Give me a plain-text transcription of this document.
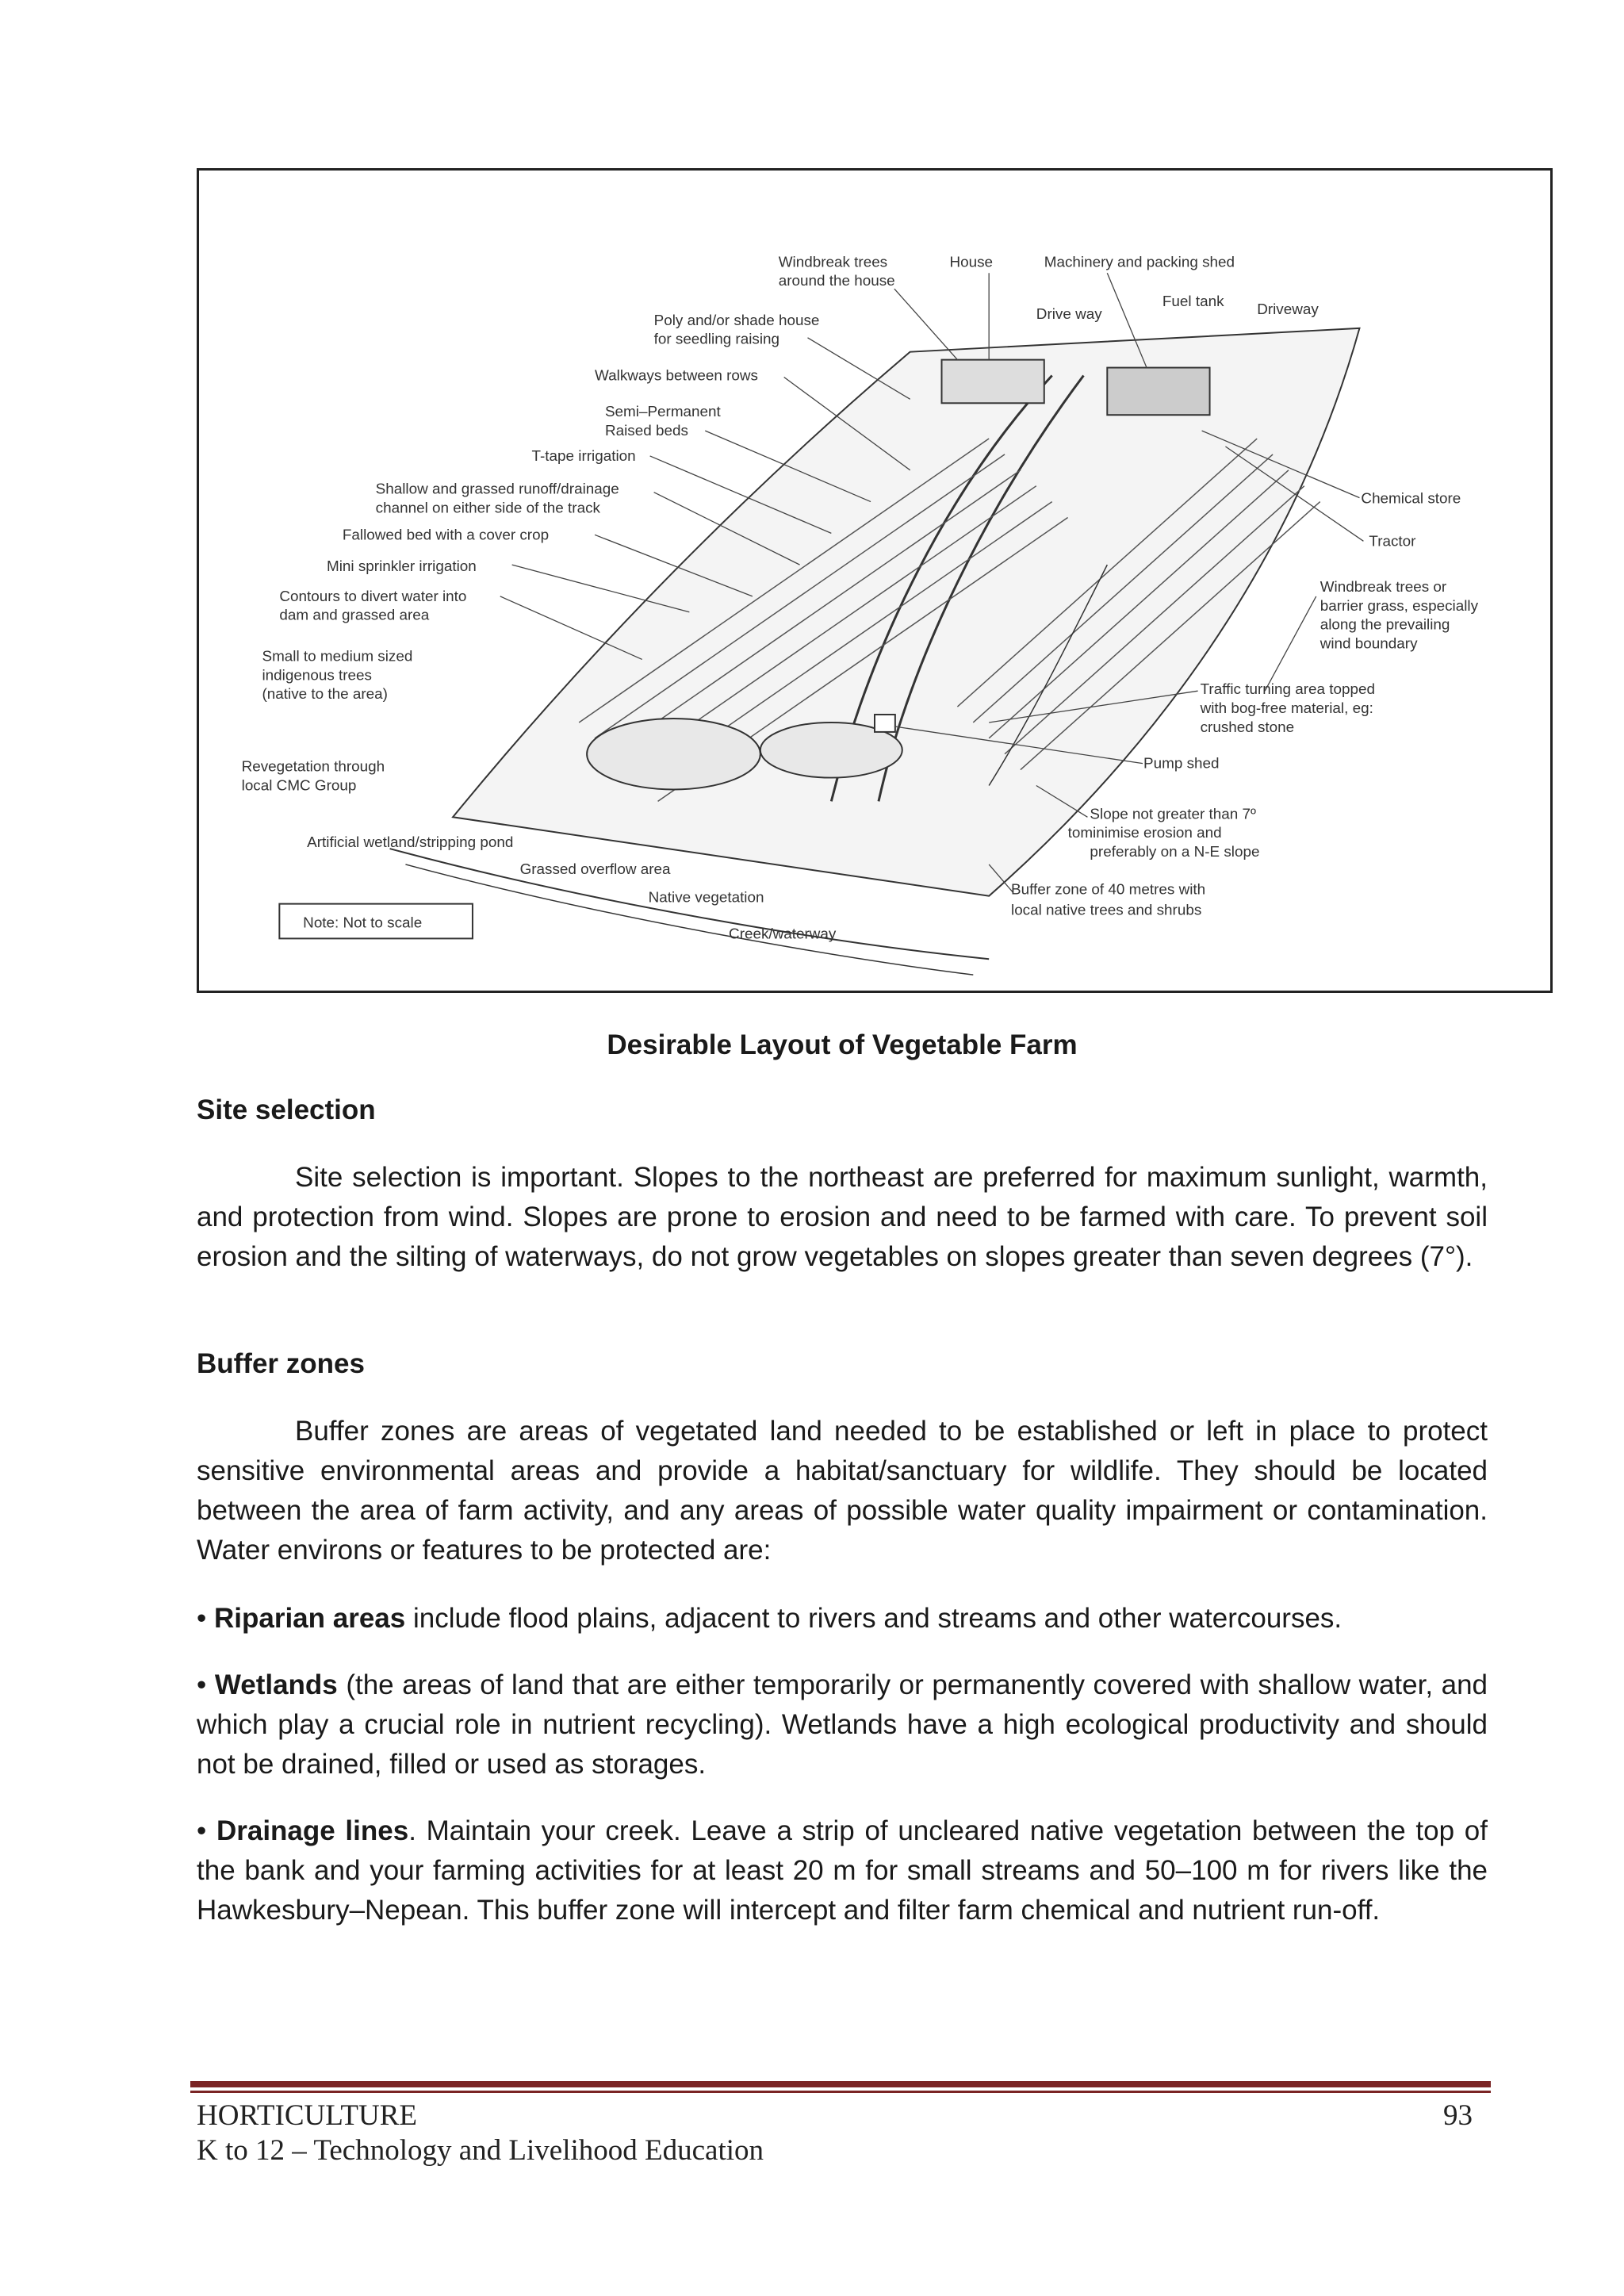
Windbreak trees
around the house
House	Machinery and packing shed
Poly and/or shade house
for seedling raising
Drive way
Fuel tank Driveway
Walkways between rows
Semi–Permanent
Raised beds
T-tape irrigation
Shallow and grassed runoff/drainage
channel on either side of the track
Fallowed bed with a cover crop
Mini sprinkler irrigation
Contours to divert water into
dam and grassed area
Small to medium sized
indigenous trees
(native to the area)
Revegetation through
local CMC Group
Artificial wetland/stripping pond
Grassed overflow area
Native vegetation
Creek/waterway
Note: Not to scale
Chemical store
Tractor
Windbreak trees or
barrier grass, especially
along the prevailing
wind boundary
Traffic turning area topped
with bog-free material, eg:
crushed stone
Pump shed
Slope not greater than 7º
tominimise erosion and
preferably on a N-E slope
Buffer zone of 40 metres with
local native trees and shrubs
Desirable Layout of Vegetable Farm
Site selection

Site selection is important. Slopes to the northeast are preferred for maximum sunlight, warmth, and protection from wind. Slopes are prone to erosion and need to be farmed with care. To prevent soil erosion and the silting of waterways, do not grow vegetables on slopes greater than seven degrees (7°).

Buffer zones

Buffer zones are areas of vegetated land needed to be established or left in place to protect sensitive environmental areas and provide a habitat/sanctuary for wildlife. They should be located between the area of farm activity, and any areas of possible water quality impairment or contamination. Water environs or features to be protected are:

• Riparian areas include flood plains, adjacent to rivers and streams and other watercourses.

• Wetlands (the areas of land that are either temporarily or permanently covered with shallow water, and which play a crucial role in nutrient recycling). Wetlands have a high ecological productivity and should not be drained, filled or used as storages.

• Drainage lines. Maintain your creek. Leave a strip of uncleared native vegetation between the top of the bank and your farming activities for at least 20 m for small streams and 50–100 m for rivers like the Hawkesbury–Nepean. This buffer zone will intercept and filter farm chemical and nutrient run-off.

HORTICULTURE
K to 12 – Technology and Livelihood Education
93
